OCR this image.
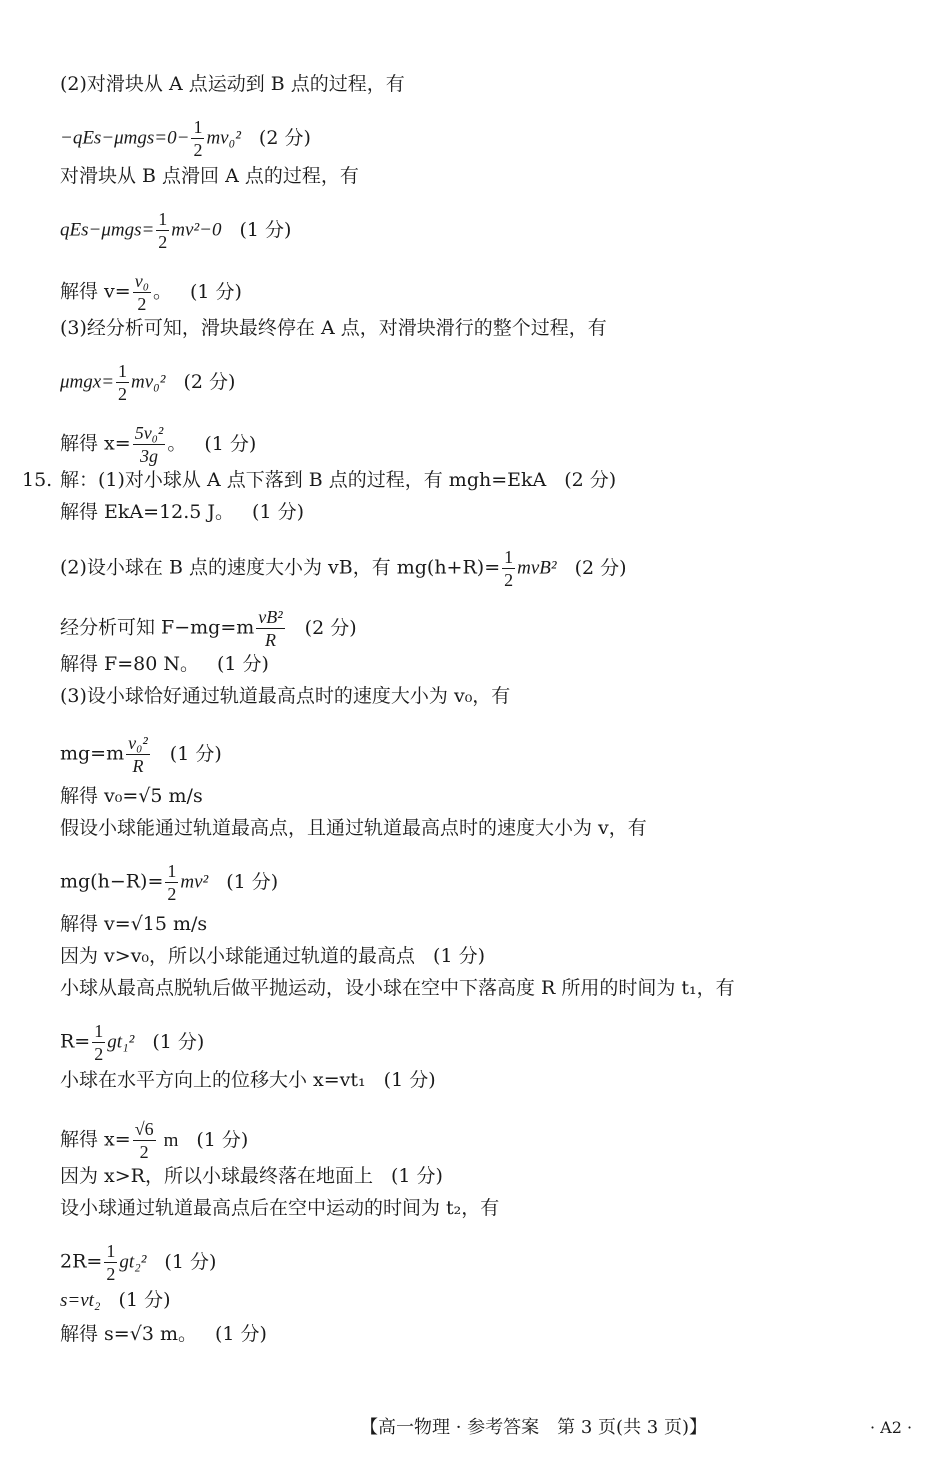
(2)对滑块从 A 点运动到 B 点的过程，有
$-qEs-\mu mgs=0- \frac{1}{2} mv_0^2$ (2 分)
对滑块从 B 点滑回 A 点的过程，有
$qEs-\mu mgs= \frac{1}{2} mv^2-0$ (1 分)
解得 $v= \frac{\text{v₀}}{2}$ 。 (1 分)
(3)经分析可知，滑块最终停在 A 点，对滑块滑行的整个过程，有
$\mu mgx= \frac{1}{2} mv_0^2$ (2 分)
解得 $x= \frac{\text{5v₀²}}{3g}$ 。 (1 分)
15. 解：(1)对小球从 A 点下落到 B 点的过程，有 mgh=EkA (2 分)
解得 EkA=12.5 J。 (1 分)
(2)设小球在 B 点的速度大小为 vB，有 $mg(h+R)= \frac{1}{2} mvB^2$ (2 分)
经分析可知 $F-mg=m \frac{\text{vB²}}{R} (2$ 分)
解得 F=80 N。 (1 分)
(3)设小球恰好通过轨道最高点时的速度大小为 v₀，有
$mg=m \frac{\text{v₀²}}{R} (1$ 分)
解得 v₀=√5 m/s
假设小球能通过轨道最高点，且通过轨道最高点时的速度大小为 v，有
$mg(h-R)= \frac{1}{2} mv^2$ (1 分)
解得 v=√15 m/s
因为 v>v₀，所以小球能通过轨道的最高点 (1 分)
小球从最高点脱轨后做平抛运动，设小球在空中下落高度 R 所用的时间为 t₁，有
$R= \frac{1}{2} gt_1^2$ (1 分)
小球在水平方向上的位移大小 x=vt₁ (1 分)
解得 $x= \frac{√6}{2}$ m (1 分)
因为 x>R，所以小球最终落在地面上 (1 分)
设小球通过轨道最高点后在空中运动的时间为 t₂，有
$2R= \frac{1}{2} gt_2^2$ (1 分)
s=vt₂ (1 分)
解得 s=√3 m。 (1 分)
【高一物理 · 参考答案　第 3 页(共 3 页)】	· A2 ·
